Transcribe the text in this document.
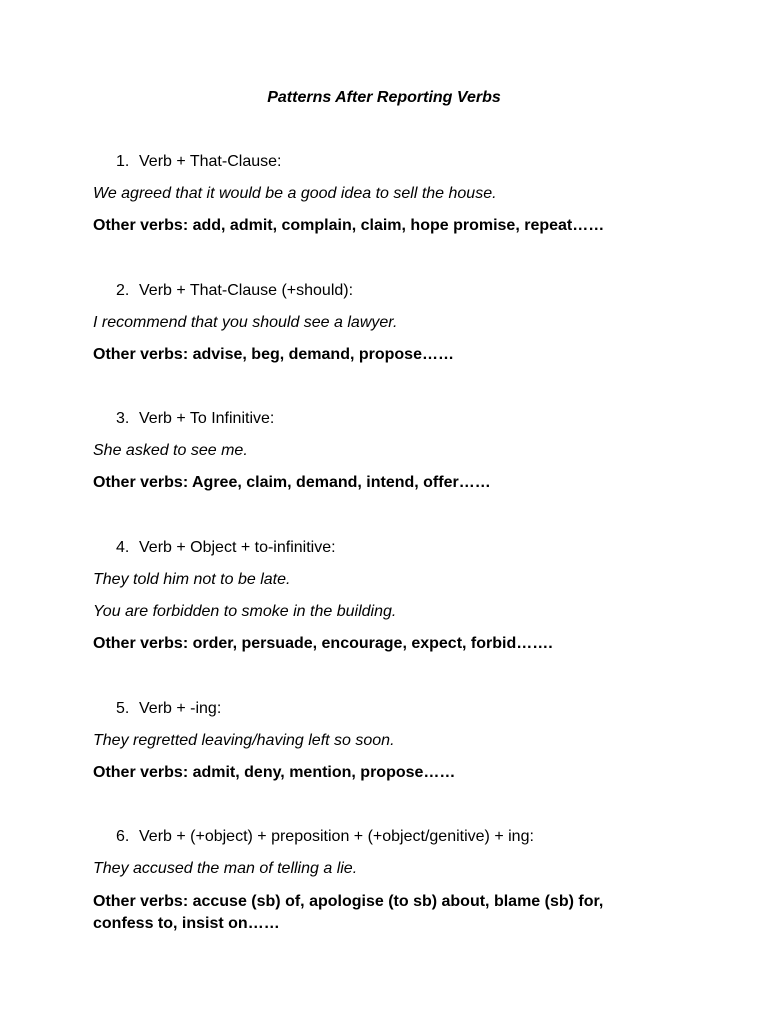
Patterns After Reporting Verbs

1. Verb + That-Clause:

We agreed that it would be a good idea to sell the house.

Other verbs: add, admit, complain, claim, hope promise, repeat……

2. Verb + That-Clause (+should):

I recommend that you should see a lawyer.

Other verbs: advise, beg, demand, propose……

3. Verb + To Infinitive:

She asked to see me.

Other verbs: Agree, claim, demand, intend, offer……

4. Verb + Object + to-infinitive:

They told him not to be late.

You are forbidden to smoke in the building.

Other verbs: order, persuade, encourage, expect, forbid…….

5. Verb + -ing:

They regretted leaving/having left so soon.

Other verbs: admit, deny, mention, propose……

6. Verb + (+object) + preposition + (+object/genitive) + ing:

They accused the man of telling a lie.

Other verbs: accuse (sb) of, apologise (to sb) about, blame (sb) for, confess to, insist on……
